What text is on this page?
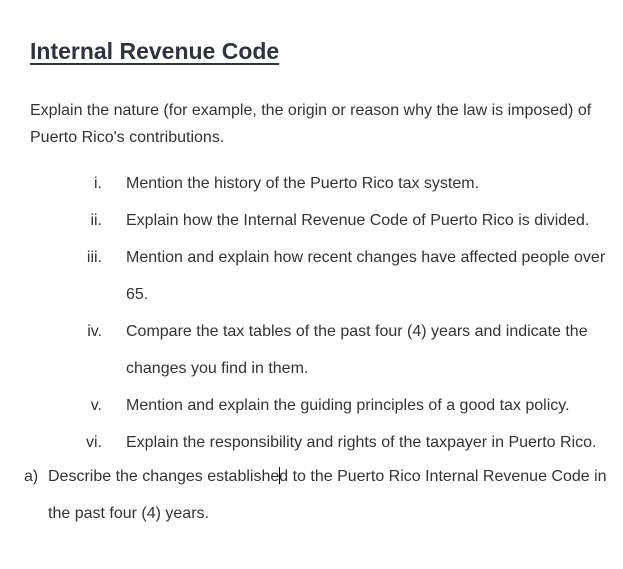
Internal Revenue Code

Explain the nature (for example, the origin or reason why the law is imposed) of Puerto Rico's contributions.

i. Mention the history of the Puerto Rico tax system.
ii. Explain how the Internal Revenue Code of Puerto Rico is divided.
iii. Mention and explain how recent changes have affected people over 65.
iv. Compare the tax tables of the past four (4) years and indicate the changes you find in them.
v. Mention and explain the guiding principles of a good tax policy.
vi. Explain the responsibility and rights of the taxpayer in Puerto Rico.
a) Describe the changes established to the Puerto Rico Internal Revenue Code in the past four (4) years.
